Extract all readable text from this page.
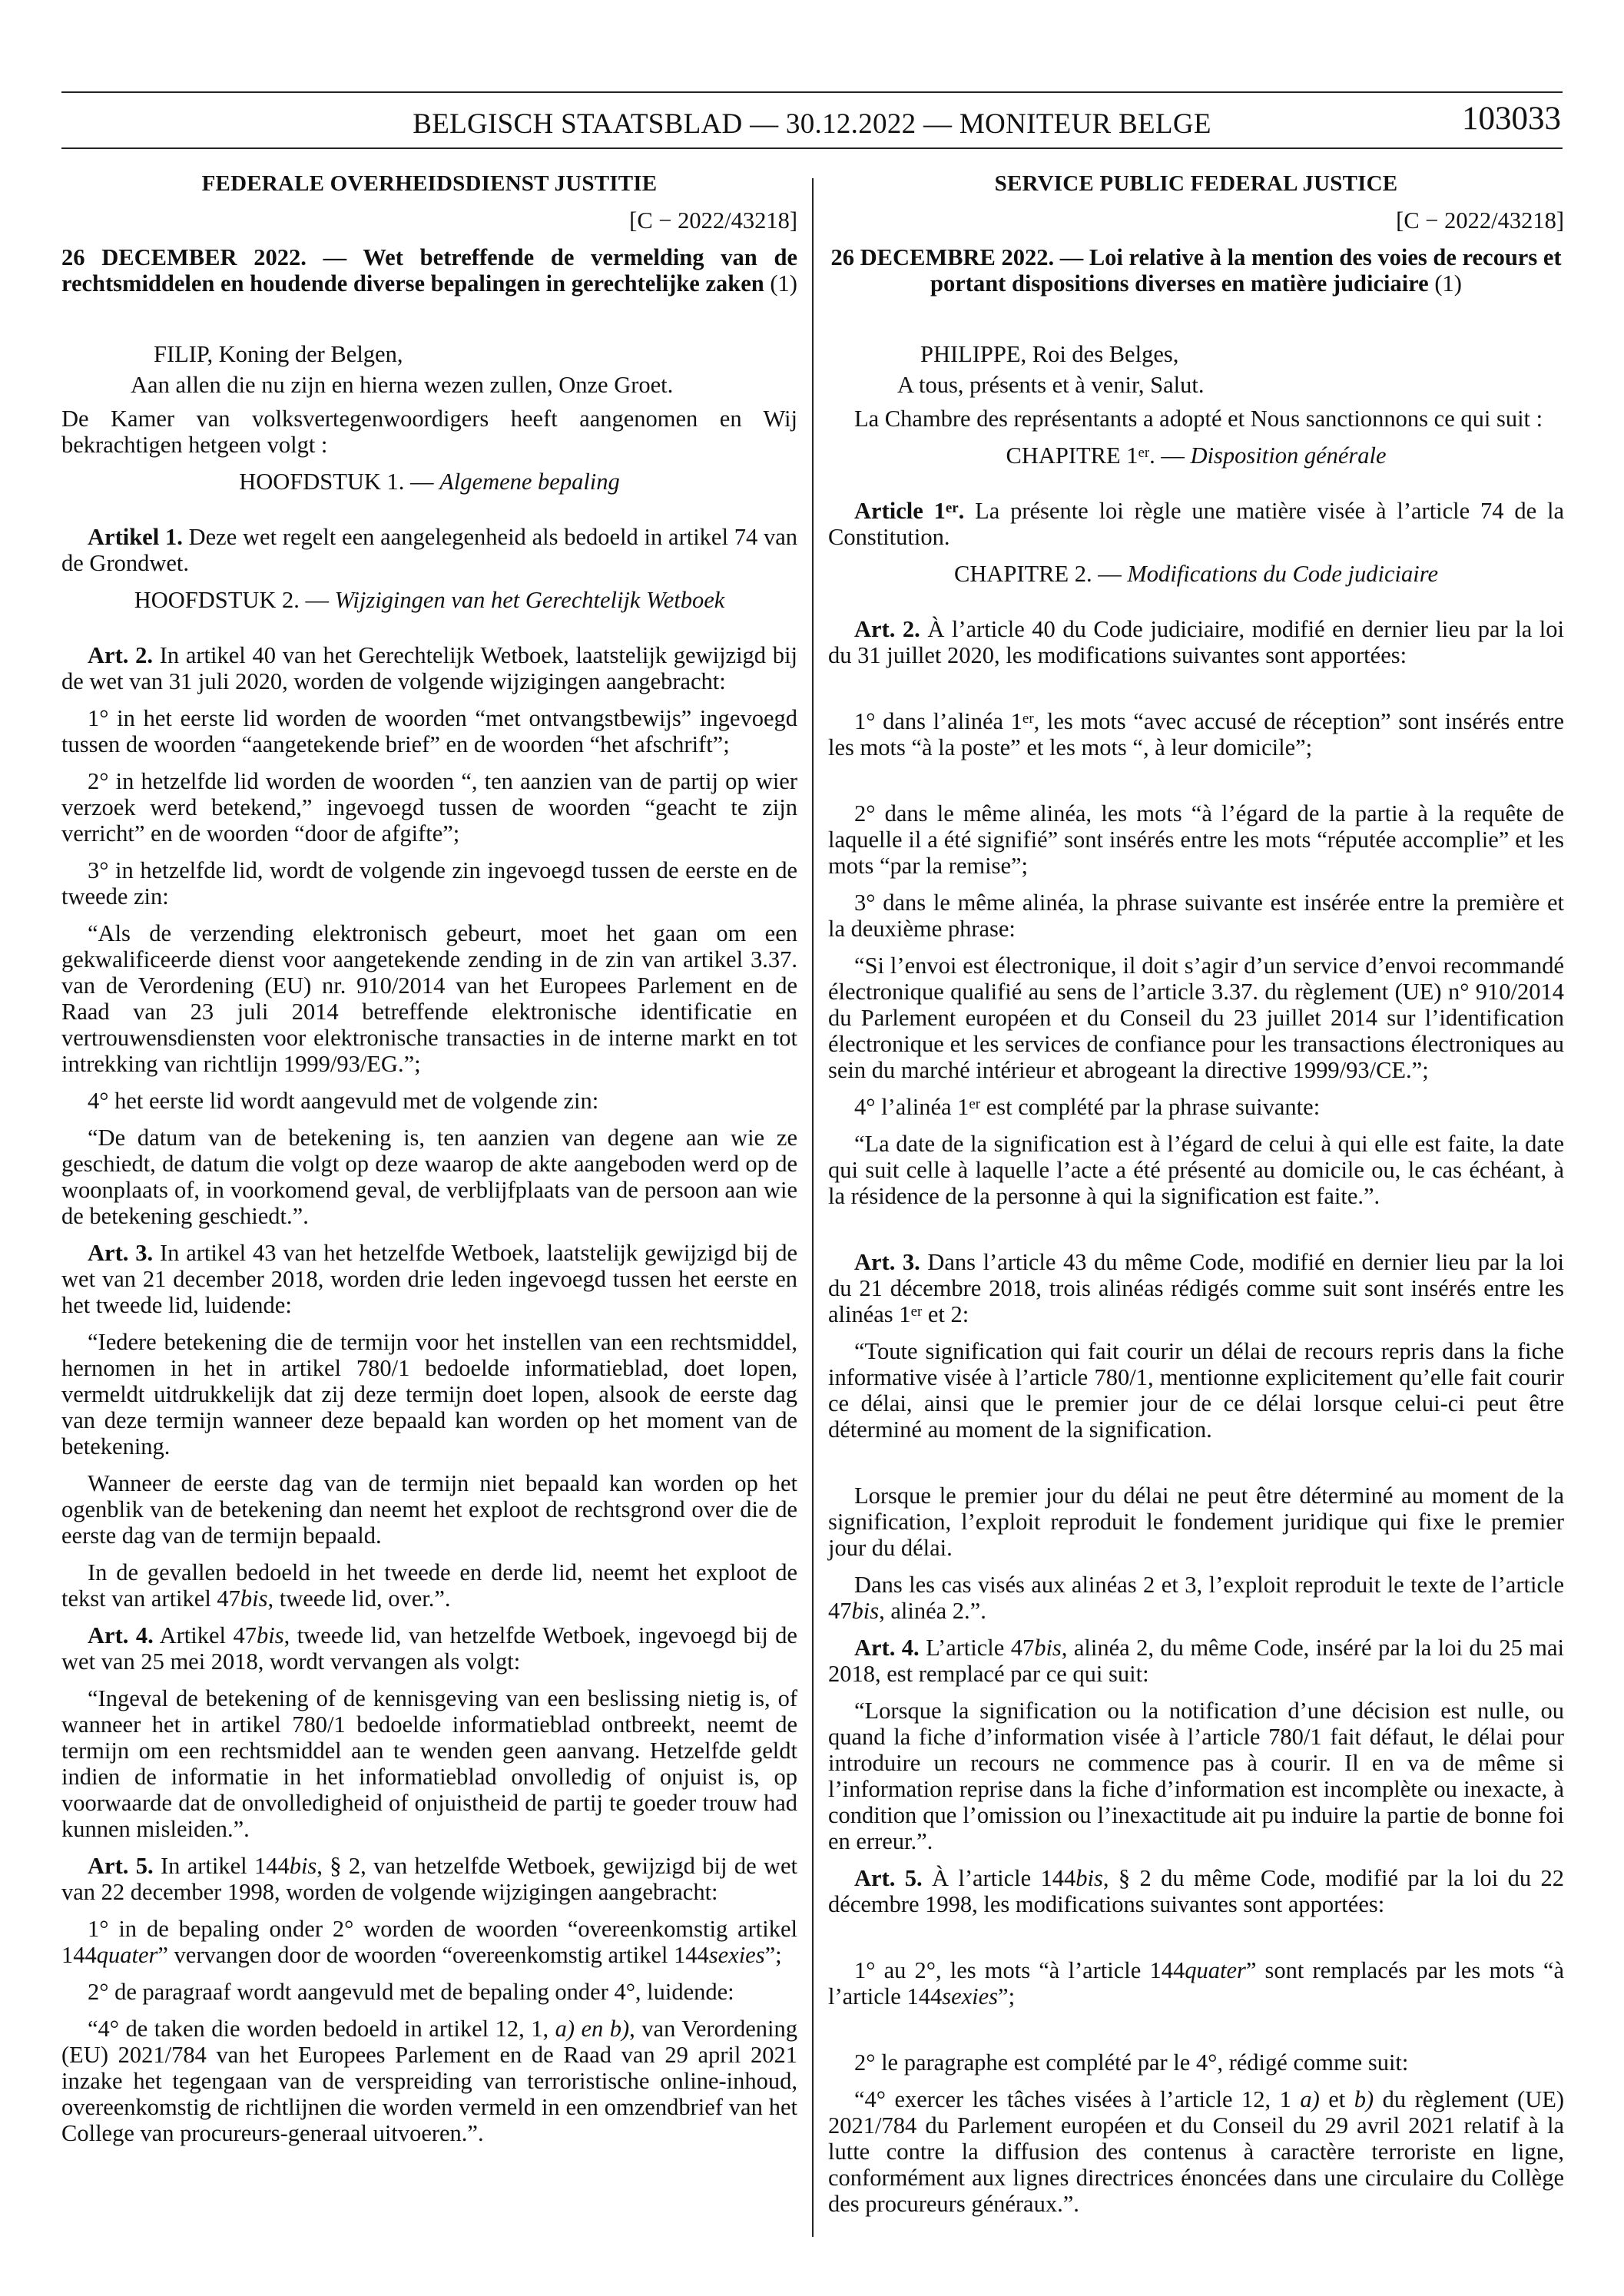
BELGISCH STAATSBLAD — 30.12.2022 — MONITEUR BELGE	103033

FEDERALE OVERHEIDSDIENST JUSTITIE

[C − 2022/43218]

26 DECEMBER 2022. — Wet betreffende de vermelding van de rechtsmiddelen en houdende diverse bepalingen in gerechtelijke zaken (1)

FILIP, Koning der Belgen,

Aan allen die nu zijn en hierna wezen zullen, Onze Groet.

De Kamer van volksvertegenwoordigers heeft aangenomen en Wij bekrachtigen hetgeen volgt :

HOOFDSTUK 1. — Algemene bepaling

Artikel 1. Deze wet regelt een aangelegenheid als bedoeld in artikel 74 van de Grondwet.

HOOFDSTUK 2. — Wijzigingen van het Gerechtelijk Wetboek

Art. 2. In artikel 40 van het Gerechtelijk Wetboek, laatstelijk gewijzigd bij de wet van 31 juli 2020, worden de volgende wijzigingen aangebracht:

1° in het eerste lid worden de woorden “met ontvangstbewijs” ingevoegd tussen de woorden “aangetekende brief” en de woorden “het afschrift”;

2° in hetzelfde lid worden de woorden “, ten aanzien van de partij op wier verzoek werd betekend,” ingevoegd tussen de woorden “geacht te zijn verricht” en de woorden “door de afgifte”;

3° in hetzelfde lid, wordt de volgende zin ingevoegd tussen de eerste en de tweede zin:

“Als de verzending elektronisch gebeurt, moet het gaan om een gekwalificeerde dienst voor aangetekende zending in de zin van artikel 3.37. van de Verordening (EU) nr. 910/2014 van het Europees Parlement en de Raad van 23 juli 2014 betreffende elektronische identificatie en vertrouwensdiensten voor elektronische transacties in de interne markt en tot intrekking van richtlijn 1999/93/EG.”;

4° het eerste lid wordt aangevuld met de volgende zin:

“De datum van de betekening is, ten aanzien van degene aan wie ze geschiedt, de datum die volgt op deze waarop de akte aangeboden werd op de woonplaats of, in voorkomend geval, de verblijfplaats van de persoon aan wie de betekening geschiedt.”.

Art. 3. In artikel 43 van het hetzelfde Wetboek, laatstelijk gewijzigd bij de wet van 21 december 2018, worden drie leden ingevoegd tussen het eerste en het tweede lid, luidende:

“Iedere betekening die de termijn voor het instellen van een rechtsmiddel, hernomen in het in artikel 780/1 bedoelde informatieblad, doet lopen, vermeldt uitdrukkelijk dat zij deze termijn doet lopen, alsook de eerste dag van deze termijn wanneer deze bepaald kan worden op het moment van de betekening.

Wanneer de eerste dag van de termijn niet bepaald kan worden op het ogenblik van de betekening dan neemt het exploot de rechtsgrond over die de eerste dag van de termijn bepaald.

In de gevallen bedoeld in het tweede en derde lid, neemt het exploot de tekst van artikel 47bis, tweede lid, over.”.

Art. 4. Artikel 47bis, tweede lid, van hetzelfde Wetboek, ingevoegd bij de wet van 25 mei 2018, wordt vervangen als volgt:

“Ingeval de betekening of de kennisgeving van een beslissing nietig is, of wanneer het in artikel 780/1 bedoelde informatieblad ontbreekt, neemt de termijn om een rechtsmiddel aan te wenden geen aanvang. Hetzelfde geldt indien de informatie in het informatieblad onvolledig of onjuist is, op voorwaarde dat de onvolledigheid of onjuistheid de partij te goeder trouw had kunnen misleiden.”.

Art. 5. In artikel 144bis, § 2, van hetzelfde Wetboek, gewijzigd bij de wet van 22 december 1998, worden de volgende wijzigingen aangebracht:

1° in de bepaling onder 2° worden de woorden “overeenkomstig artikel 144quater” vervangen door de woorden “overeenkomstig artikel 144sexies”;

2° de paragraaf wordt aangevuld met de bepaling onder 4°, luidende:

“4° de taken die worden bedoeld in artikel 12, 1, a) en b), van Verordening (EU) 2021/784 van het Europees Parlement en de Raad van 29 april 2021 inzake het tegengaan van de verspreiding van terroristische online-inhoud, overeenkomstig de richtlijnen die worden vermeld in een omzendbrief van het College van procureurs-generaal uitvoeren.”.

SERVICE PUBLIC FEDERAL JUSTICE

[C − 2022/43218]

26 DECEMBRE 2022. — Loi relative à la mention des voies de recours et portant dispositions diverses en matière judiciaire (1)

PHILIPPE, Roi des Belges,

A tous, présents et à venir, Salut.

La Chambre des représentants a adopté et Nous sanctionnons ce qui suit :

CHAPITRE 1er. — Disposition générale

Article 1er. La présente loi règle une matière visée à l’article 74 de la Constitution.

CHAPITRE 2. — Modifications du Code judiciaire

Art. 2. À l’article 40 du Code judiciaire, modifié en dernier lieu par la loi du 31 juillet 2020, les modifications suivantes sont apportées:

1° dans l’alinéa 1er, les mots “avec accusé de réception” sont insérés entre les mots “à la poste” et les mots “, à leur domicile”;

2° dans le même alinéa, les mots “à l’égard de la partie à la requête de laquelle il a été signifié” sont insérés entre les mots “réputée accomplie” et les mots “par la remise”;

3° dans le même alinéa, la phrase suivante est insérée entre la première et la deuxième phrase:

“Si l’envoi est électronique, il doit s’agir d’un service d’envoi recommandé électronique qualifié au sens de l’article 3.37. du règlement (UE) n° 910/2014 du Parlement européen et du Conseil du 23 juillet 2014 sur l’identification électronique et les services de confiance pour les transactions électroniques au sein du marché intérieur et abrogeant la directive 1999/93/CE.”;

4° l’alinéa 1er est complété par la phrase suivante:

“La date de la signification est à l’égard de celui à qui elle est faite, la date qui suit celle à laquelle l’acte a été présenté au domicile ou, le cas échéant, à la résidence de la personne à qui la signification est faite.”.

Art. 3. Dans l’article 43 du même Code, modifié en dernier lieu par la loi du 21 décembre 2018, trois alinéas rédigés comme suit sont insérés entre les alinéas 1er et 2:

“Toute signification qui fait courir un délai de recours repris dans la fiche informative visée à l’article 780/1, mentionne explicitement qu’elle fait courir ce délai, ainsi que le premier jour de ce délai lorsque celui-ci peut être déterminé au moment de la signification.

Lorsque le premier jour du délai ne peut être déterminé au moment de la signification, l’exploit reproduit le fondement juridique qui fixe le premier jour du délai.

Dans les cas visés aux alinéas 2 et 3, l’exploit reproduit le texte de l’article 47bis, alinéa 2.”.

Art. 4. L’article 47bis, alinéa 2, du même Code, inséré par la loi du 25 mai 2018, est remplacé par ce qui suit:

“Lorsque la signification ou la notification d’une décision est nulle, ou quand la fiche d’information visée à l’article 780/1 fait défaut, le délai pour introduire un recours ne commence pas à courir. Il en va de même si l’information reprise dans la fiche d’information est incomplète ou inexacte, à condition que l’omission ou l’inexactitude ait pu induire la partie de bonne foi en erreur.”.

Art. 5. À l’article 144bis, § 2 du même Code, modifié par la loi du 22 décembre 1998, les modifications suivantes sont apportées:

1° au 2°, les mots “à l’article 144quater” sont remplacés par les mots “à l’article 144sexies”;

2° le paragraphe est complété par le 4°, rédigé comme suit:

“4° exercer les tâches visées à l’article 12, 1 a) et b) du règlement (UE) 2021/784 du Parlement européen et du Conseil du 29 avril 2021 relatif à la lutte contre la diffusion des contenus à caractère terroriste en ligne, conformément aux lignes directrices énoncées dans une circulaire du Collège des procureurs généraux.”.
